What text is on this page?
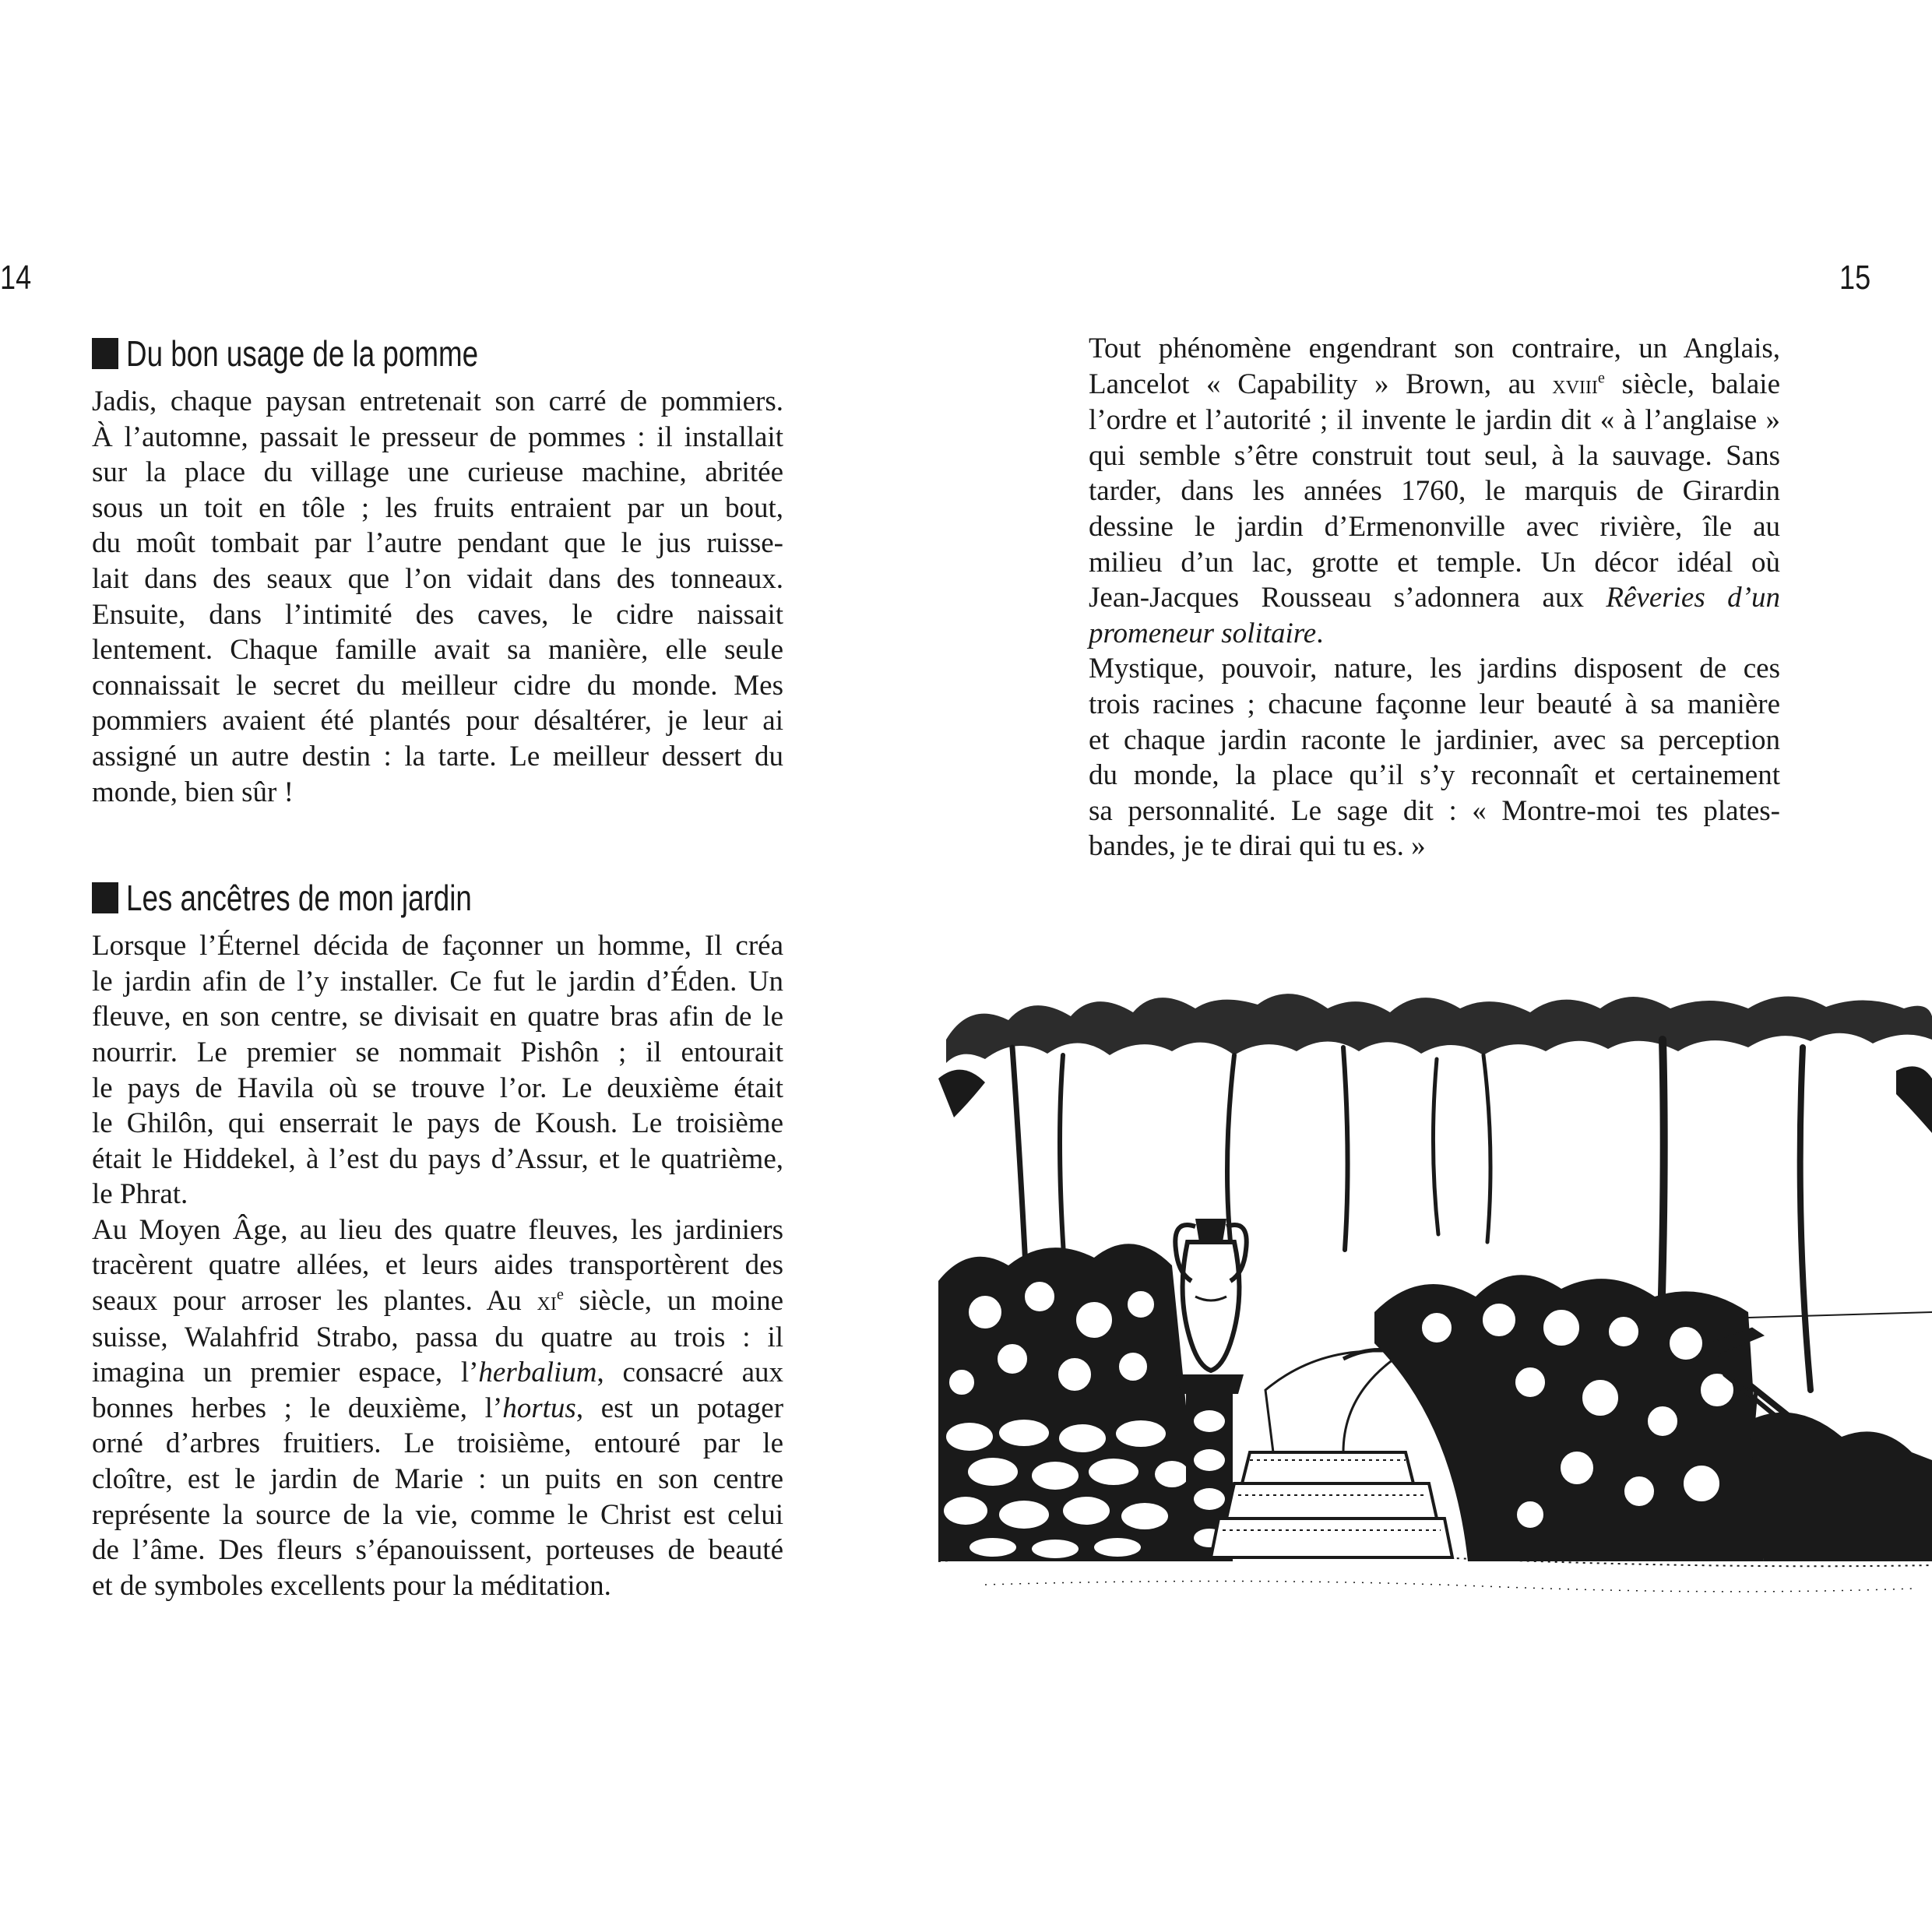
14	15
Du bon usage de la pomme

Jadis, chaque paysan entretenait son carré de pommiers.
À l’automne, passait le presseur de pommes : il installait
sur la place du village une curieuse machine, abritée
sous un toit en tôle ; les fruits entraient par un bout,
du moût tombait par l’autre pendant que le jus ruisse-
lait dans des seaux que l’on vidait dans des tonneaux.
Ensuite, dans l’intimité des caves, le cidre naissait
lentement. Chaque famille avait sa manière, elle seule
connaissait le secret du meilleur cidre du monde. Mes
pommiers avaient été plantés pour désaltérer, je leur ai
assigné un autre destin : la tarte. Le meilleur dessert du
monde, bien sûr !

Les ancêtres de mon jardin

Lorsque l’Éternel décida de façonner un homme, Il créa
le jardin afin de l’y installer. Ce fut le jardin d’Éden. Un
fleuve, en son centre, se divisait en quatre bras afin de le
nourrir. Le premier se nommait Pishôn ; il entourait
le pays de Havila où se trouve l’or. Le deuxième était
le Ghilôn, qui enserrait le pays de Koush. Le troisième
était le Hiddekel, à l’est du pays d’Assur, et le quatrième,
le Phrat.

Au Moyen Âge, au lieu des quatre fleuves, les jardiniers
tracèrent quatre allées, et leurs aides transportèrent des
seaux pour arroser les plantes. Au $xi^e$ siècle, un moine
suisse, Walahfrid Strabo, passa du quatre au trois : il
imagina un premier espace, l’herbalium, consacré aux
bonnes herbes ; le deuxième, l’hortus, est un potager
orné d’arbres fruitiers. Le troisième, entouré par le
cloître, est le jardin de Marie : un puits en son centre
représente la source de la vie, comme le Christ est celui
de l’âme. Des fleurs s’épanouissent, porteuses de beauté
et de symboles excellents pour la méditation.

Tout phénomène engendrant son contraire, un Anglais,
Lancelot « Capability » Brown, au xviii$^e$ siècle, balaie
l’ordre et l’autorité ; il invente le jardin dit « à l’anglaise »
qui semble s’être construit tout seul, à la sauvage. Sans
tarder, dans les années 1760, le marquis de Girardin
dessine le jardin d’Ermenonville avec rivière, île au
milieu d’un lac, grotte et temple. Un décor idéal où
Jean-Jacques Rousseau s’adonnera aux Rêveries d’un
promeneur solitaire.

Mystique, pouvoir, nature, les jardins disposent de ces
trois racines ; chacune façonne leur beauté à sa manière
et chaque jardin raconte le jardinier, avec sa perception
du monde, la place qu’il s’y reconnaît et certainement
sa personnalité. Le sage dit : « Montre-moi tes plates-
bandes, je te dirai qui tu es. »
